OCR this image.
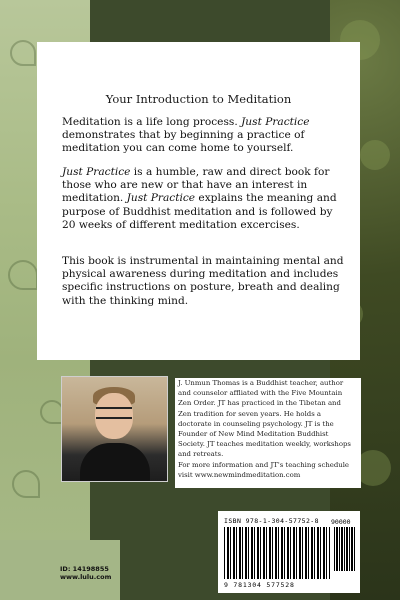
Your Introduction to Meditation
Meditation is a life long process. Just Practice demonstrates that by beginning a practice of meditation you can come home to yourself.
Just Practice is a humble, raw and direct book for those who are new or that have an interest in meditation. Just Practice explains the meaning and purpose of Buddhist meditation and is followed by 20 weeks of different meditation excercises.
This book is instrumental in maintaining mental and physical awareness during meditation and includes specific instructions on posture, breath and dealing with the thinking mind.
J. Unmun Thomas is a Buddhist teacher, author
and counselor affliated with the Five Mountain
Zen Order. JT has practiced in the Tibetan and
Zen tradition for seven years. He holds a
doctorate in counseling psychology. JT is the
Founder of New Mind Meditation Buddhist
Society. JT teaches meditation weekly, workshops
and retreats.
For more information and JT's teaching schedule
visit www.newmindmeditation.com
ID: 14198855
www.lulu.com
ISBN 978-1-304-57752-8 90000
9 781304 577528
